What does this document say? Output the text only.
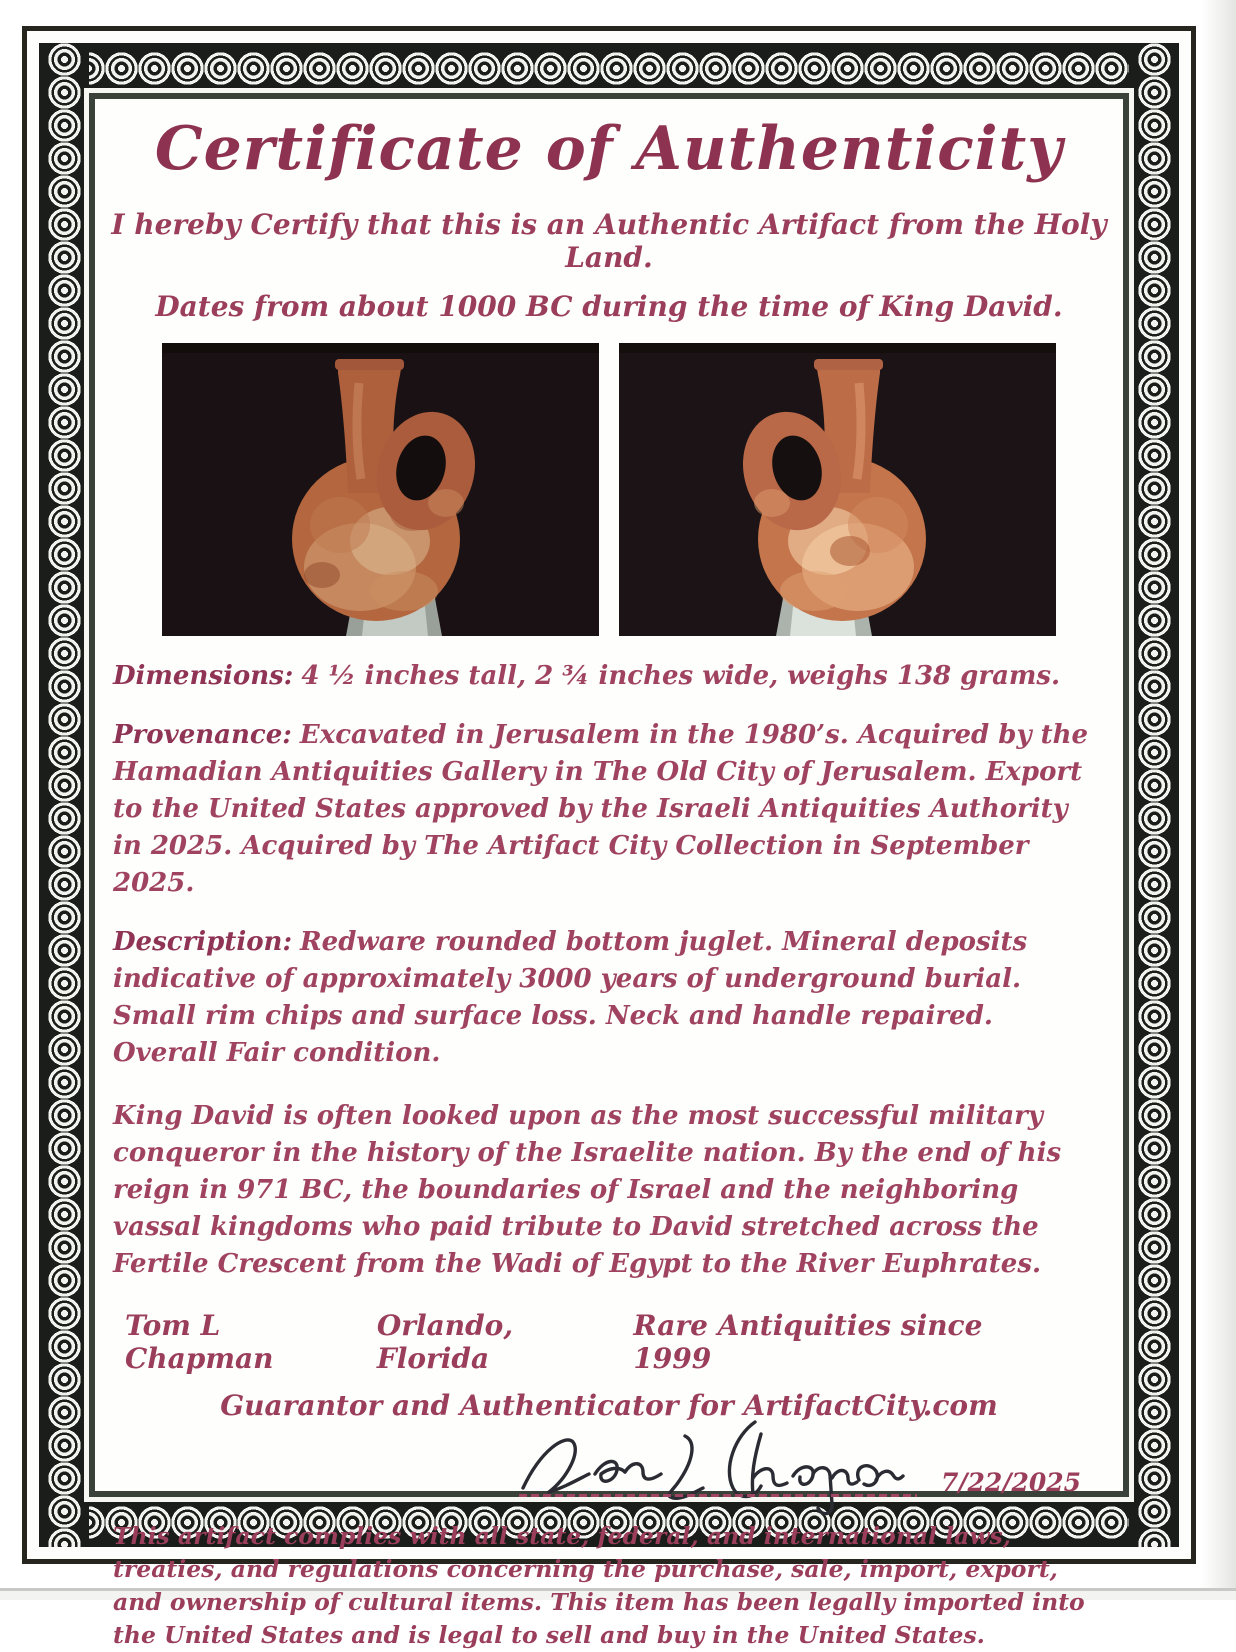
Certificate of Authenticity
I hereby Certify that this is an Authentic Artifact from the Holy Land.
Dates from about 1000 BC during the time of King David.
Dimensions: 4 ½ inches tall, 2 ¾ inches wide, weighs 138 grams.
Provenance: Excavated in Jerusalem in the 1980’s. Acquired by the Hamadian Antiquities Gallery in The Old City of Jerusalem. Export to the United States approved by the Israeli Antiquities Authority in 2025. Acquired by The Artifact City Collection in September 2025.
Description: Redware rounded bottom juglet. Mineral deposits indicative of approximately 3000 years of underground burial. Small rim chips and surface loss. Neck and handle repaired. Overall Fair condition.
King David is often looked upon as the most successful military conqueror in the history of the Israelite nation. By the end of his reign in 971 BC, the boundaries of Israel and the neighboring vassal kingdoms who paid tribute to David stretched across the Fertile Crescent from the Wadi of Egypt to the River Euphrates.
Tom L Chapman
Orlando, Florida
Rare Antiquities since 1999
Guarantor and Authenticator for ArtifactCity.com
7/22/2025
This artifact complies with all state, federal, and international laws, treaties, and regulations concerning the purchase, sale, import, export, and ownership of cultural items. This item has been legally imported into the United States and is legal to sell and buy in the United States.
